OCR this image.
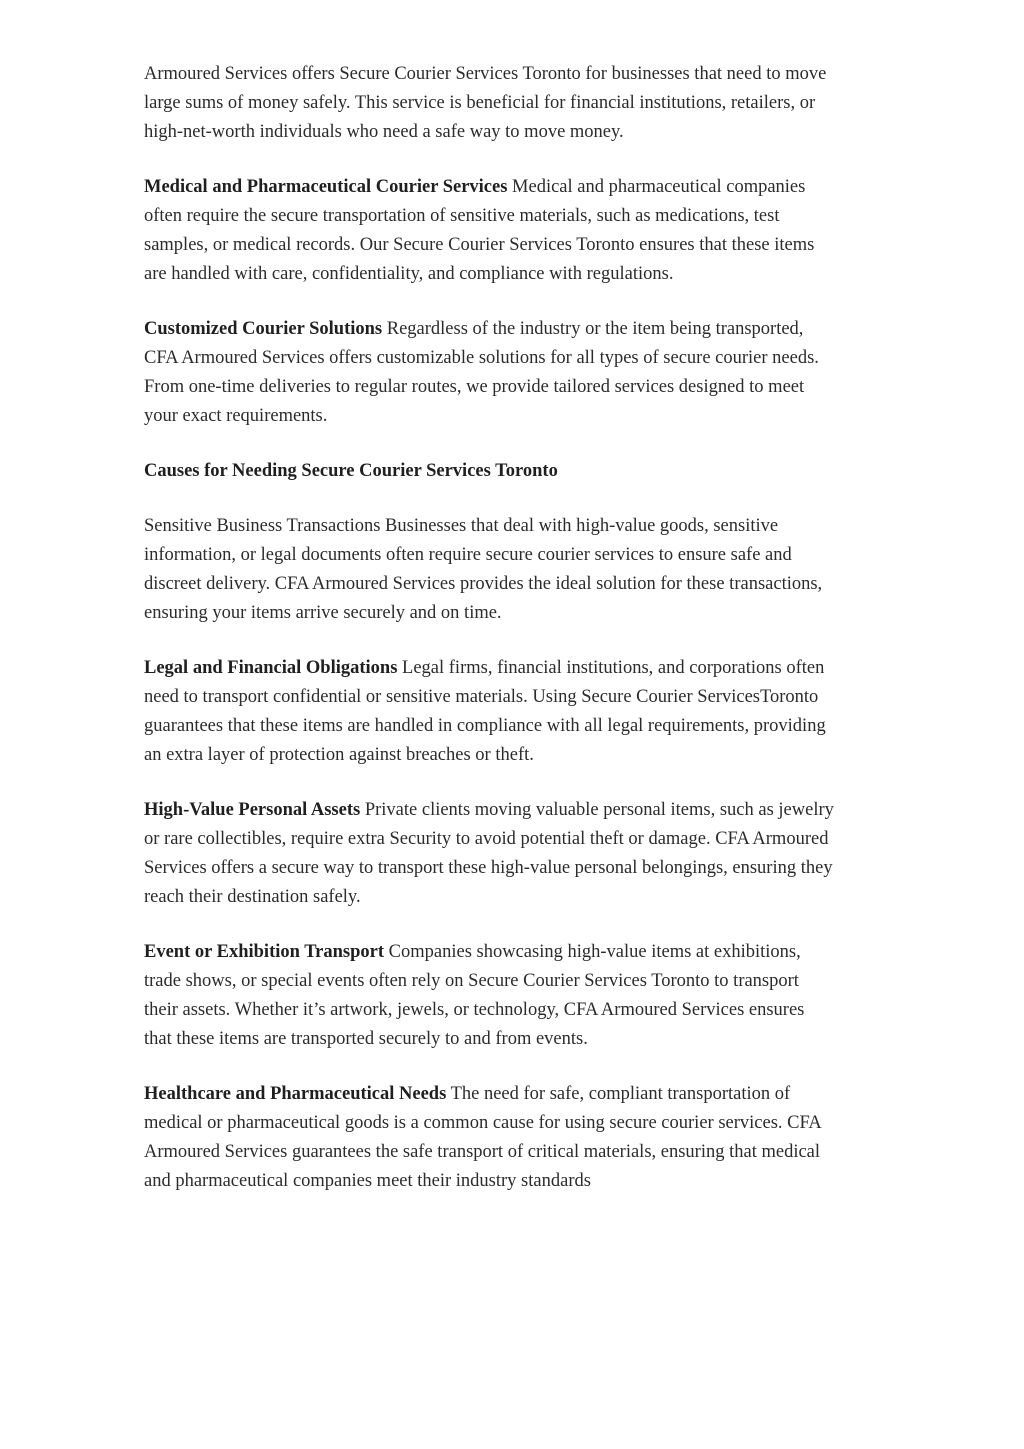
Armoured Services offers Secure Courier Services Toronto for businesses that need to move large sums of money safely. This service is beneficial for financial institutions, retailers, or high-net-worth individuals who need a safe way to move money.

Medical and Pharmaceutical Courier Services Medical and pharmaceutical companies often require the secure transportation of sensitive materials, such as medications, test samples, or medical records. Our Secure Courier Services Toronto ensures that these items are handled with care, confidentiality, and compliance with regulations.

Customized Courier Solutions Regardless of the industry or the item being transported, CFA Armoured Services offers customizable solutions for all types of secure courier needs. From one-time deliveries to regular routes, we provide tailored services designed to meet your exact requirements.

Causes for Needing Secure Courier Services Toronto

Sensitive Business Transactions Businesses that deal with high-value goods, sensitive information, or legal documents often require secure courier services to ensure safe and discreet delivery. CFA Armoured Services provides the ideal solution for these transactions, ensuring your items arrive securely and on time.

Legal and Financial Obligations Legal firms, financial institutions, and corporations often need to transport confidential or sensitive materials. Using Secure Courier ServicesToronto guarantees that these items are handled in compliance with all legal requirements, providing an extra layer of protection against breaches or theft.

High-Value Personal Assets Private clients moving valuable personal items, such as jewelry or rare collectibles, require extra Security to avoid potential theft or damage. CFA Armoured Services offers a secure way to transport these high-value personal belongings, ensuring they reach their destination safely.

Event or Exhibition Transport Companies showcasing high-value items at exhibitions, trade shows, or special events often rely on Secure Courier Services Toronto to transport their assets. Whether it’s artwork, jewels, or technology, CFA Armoured Services ensures that these items are transported securely to and from events.

Healthcare and Pharmaceutical Needs The need for safe, compliant transportation of medical or pharmaceutical goods is a common cause for using secure courier services. CFA Armoured Services guarantees the safe transport of critical materials, ensuring that medical and pharmaceutical companies meet their industry standards
